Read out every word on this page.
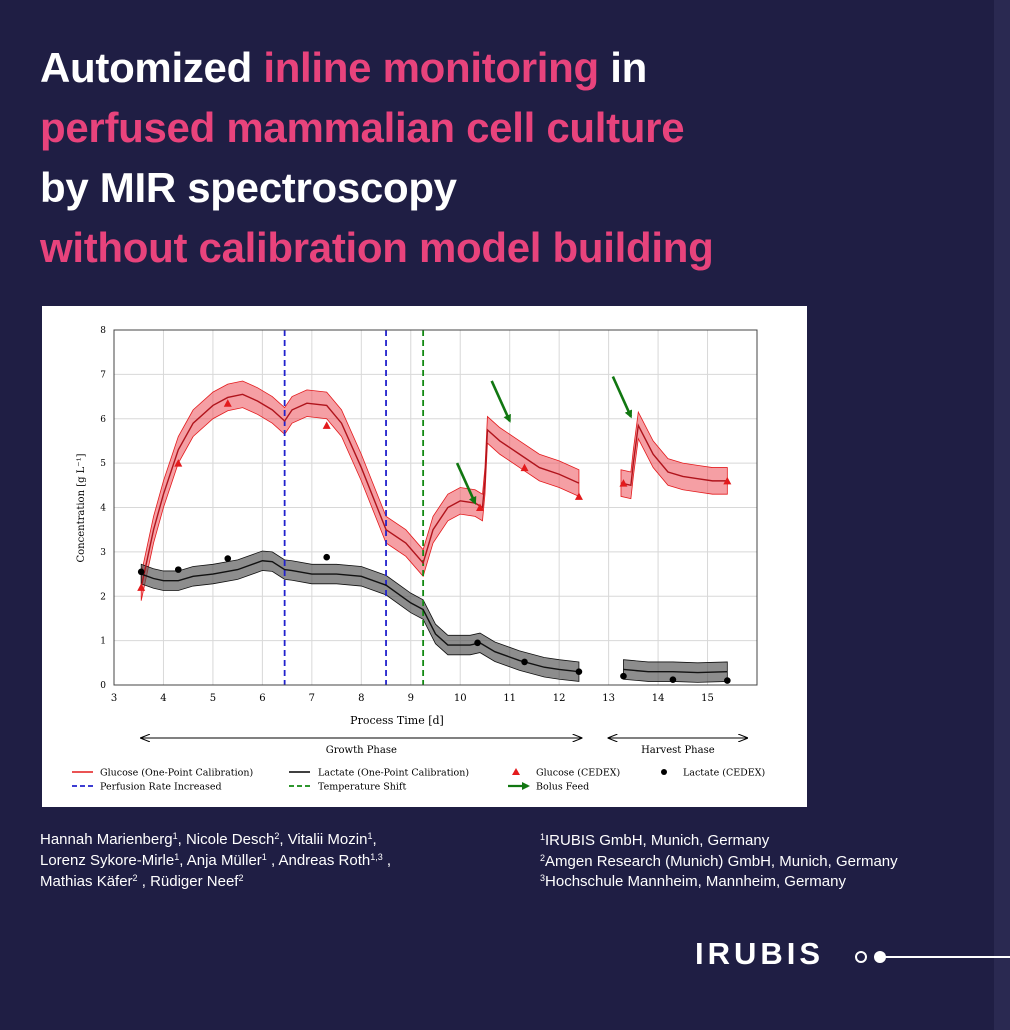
Automized inline monitoring in
perfused mammalian cell culture
by MIR spectroscopy
without calibration model building
3	4	5	6	7	8	9	10	11	12	13	14	15
0
1
2
3
4
5
6
7
8
Process Time [d]
Concentration [g L⁻¹]
Growth Phase	Harvest Phase
Glucose (One-Point Calibration)	Lactate (One-Point Calibration)	Glucose (CEDEX)	Lactate (CEDEX)
Perfusion Rate Increased	Temperature Shift	Bolus Feed
Hannah Marienberg$^1$, Nicole Desch$^2$, Vitalii Mozin$^1$,
Lorenz Sykore-Mirle$^1$, Anja Müller$^1$ , Andreas Roth$^{1,3}$ ,
Mathias Käfer$^2$ , Rüdiger Neef$^2$
$^1$IRUBIS GmbH, Munich, Germany
$^2$Amgen Research (Munich) GmbH, Munich, Germany
$^3$Hochschule Mannheim, Mannheim, Germany
IRUBIS
